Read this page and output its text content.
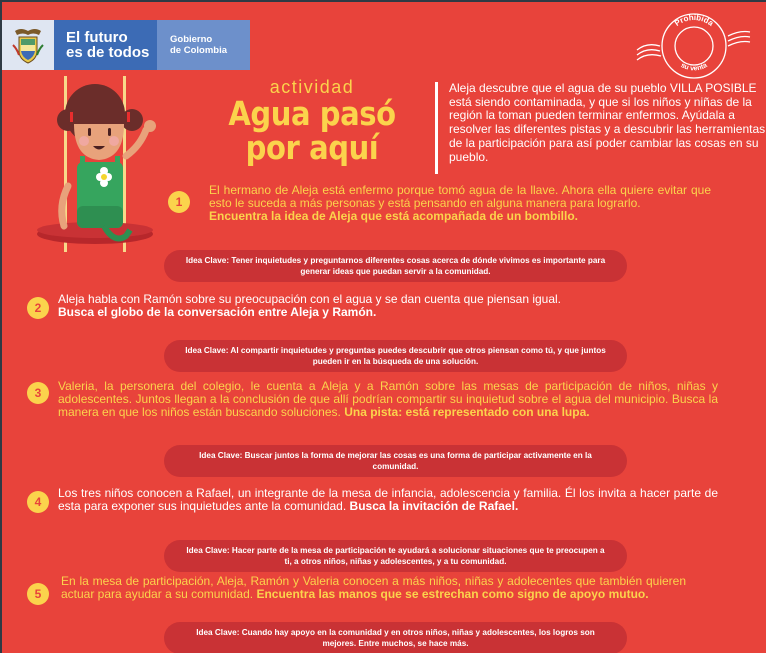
El futuro
es de todos
Gobierno
de Colombia
Prohibida
su venta
actividad
Agua pasó
por aquí
Aleja descubre que el agua de su pueblo VILLA POSIBLE está siendo contaminada, y que si los niños y niñas de la región la toman pueden terminar enfermos. Ayúdala a resolver las diferentes pistas y a descubrir las herramientas de la participación para así poder cambiar las cosas en su pueblo.
1
El hermano de Aleja está enfermo porque tomó agua de la llave. Ahora ella quiere evitar que esto le suceda a más personas y está pensando en alguna manera para lograrlo.
Encuentra la idea de Aleja que está acompañada de un bombillo.
Idea Clave: Tener inquietudes y preguntarnos diferentes cosas acerca de dónde vivimos es importante para generar ideas que puedan servir a la comunidad.
2
Aleja habla con Ramón sobre su preocupación con el agua y se dan cuenta que piensan igual.
Busca el globo de la conversación entre Aleja y Ramón.
Idea Clave: Al compartir inquietudes y preguntas puedes descubrir que otros piensan como tú, y que juntos pueden ir en la búsqueda de una solución.
3	Valeria, la personera del colegio, le cuenta a Aleja y a Ramón sobre las mesas de participación de niños, niñas y adolescentes. Juntos llegan a la conclusión de que allí podrían compartir su inquietud sobre el agua del municipio. Busca la manera en que los niños están buscando soluciones. Una pista: está representado con una lupa.
Idea Clave: Buscar juntos la forma de mejorar las cosas es una forma de participar activamente en la comunidad.
4
Los tres niños conocen a Rafael, un integrante de la mesa de infancia, adolescencia y familia. Él los invita a hacer parte de esta para exponer sus inquietudes ante la comunidad. Busca la invitación de Rafael.
Idea Clave: Hacer parte de la mesa de participación te ayudará a solucionar situaciones que te preocupen a ti, a otros niños, niñas y adolescentes, y a tu comunidad.
5
En la mesa de participación, Aleja, Ramón y Valeria conocen a más niños, niñas y adolecentes que también quieren actuar para ayudar a su comunidad. Encuentra las manos que se estrechan como signo de apoyo mutuo.
Idea Clave: Cuando hay apoyo en la comunidad y en otros niños, niñas y adolescentes, los logros son mejores. Entre muchos, se hace más.
